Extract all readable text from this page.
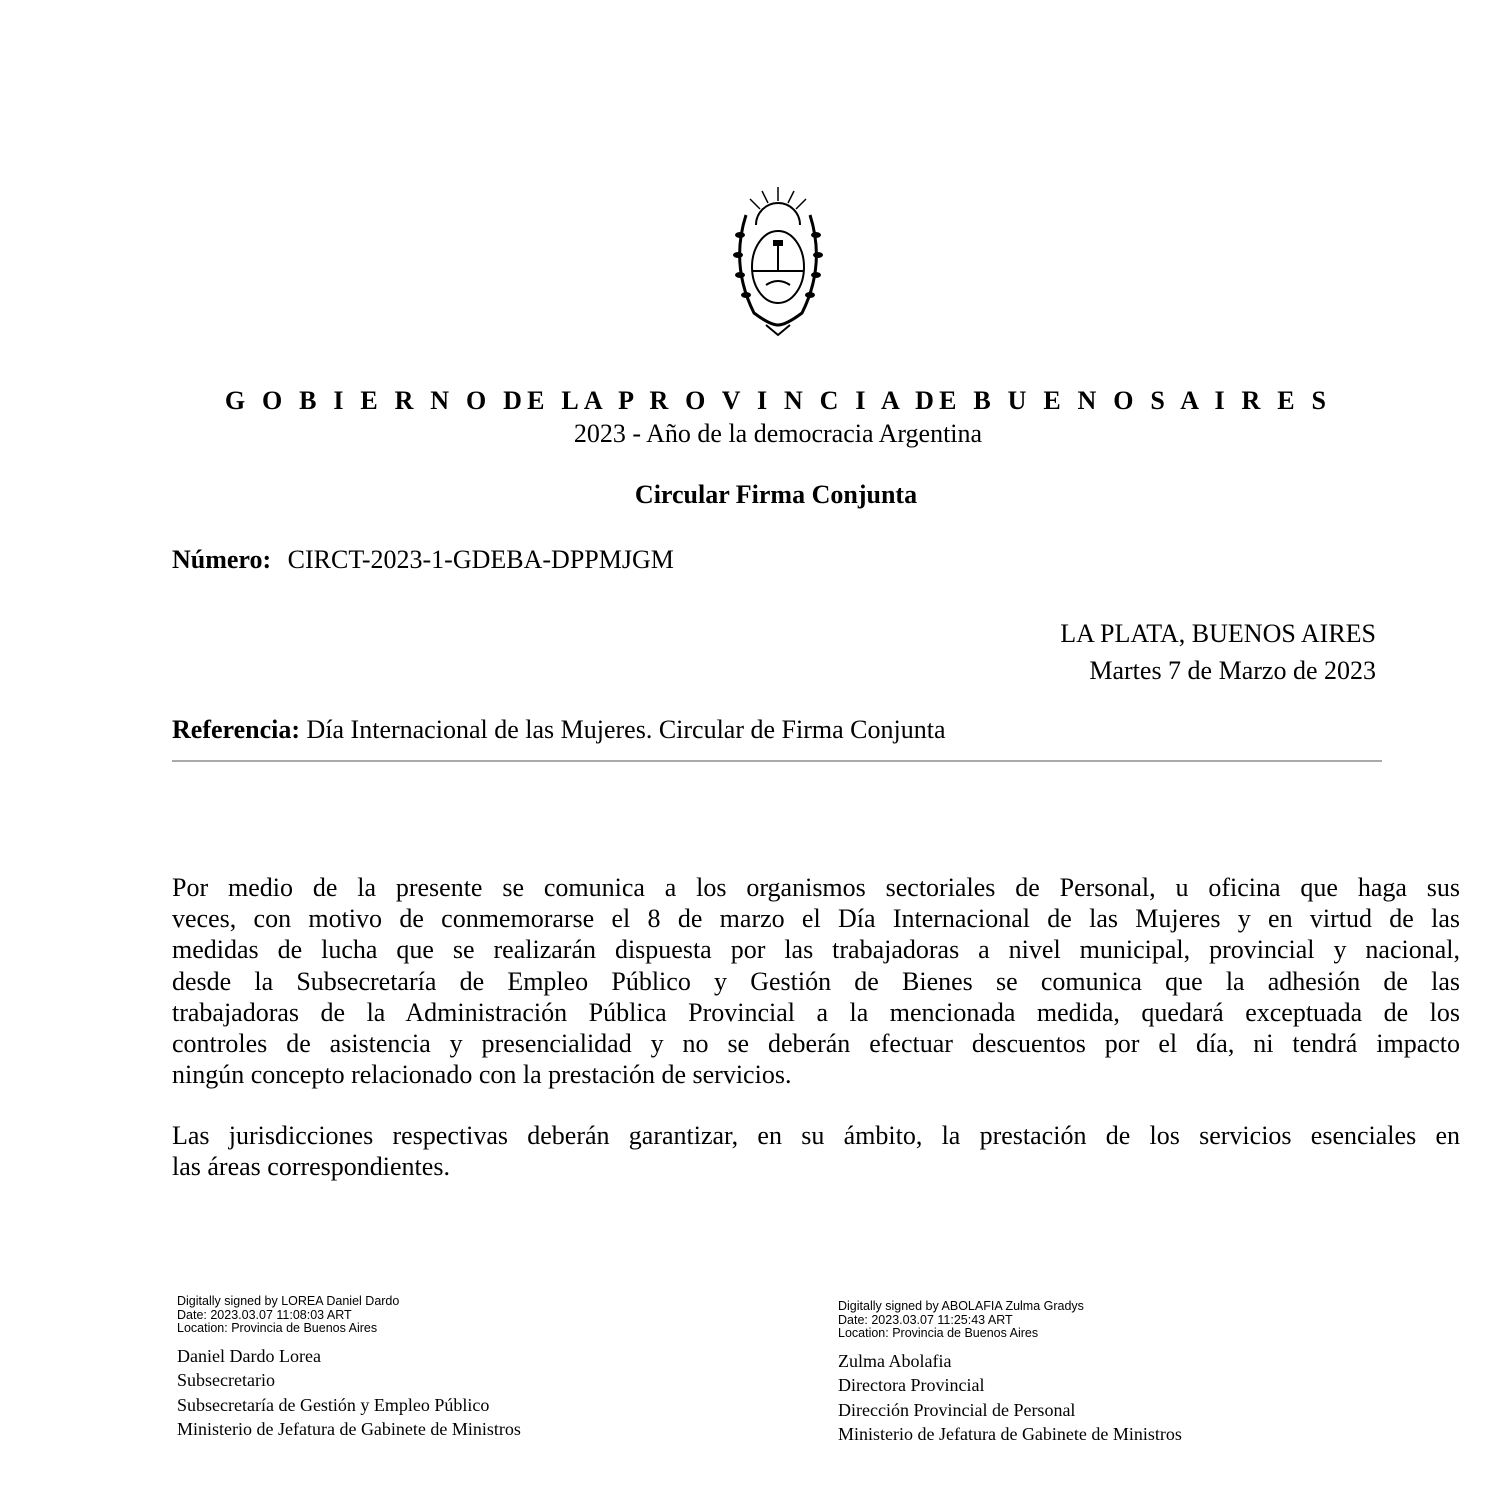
G O B I E R N O DE LA P R O V I N C I A DE B U E N O S A I R E S
2023 - Año de la democracia Argentina
Circular Firma Conjunta
Número: CIRCT-2023-1-GDEBA-DPPMJGM
LA PLATA, BUENOS AIRES
Martes 7 de Marzo de 2023
Referencia: Día Internacional de las Mujeres. Circular de Firma Conjunta
Por medio de la presente se comunica a los organismos sectoriales de Personal, u oficina que haga sus
veces, con motivo de conmemorarse el 8 de marzo el Día Internacional de las Mujeres y en virtud de las
medidas de lucha que se realizarán dispuesta por las trabajadoras a nivel municipal, provincial y nacional,
desde la Subsecretaría de Empleo Público y Gestión de Bienes se comunica que la adhesión de las
trabajadoras de la Administración Pública Provincial a la mencionada medida, quedará exceptuada de los
controles de asistencia y presencialidad y no se deberán efectuar descuentos por el día, ni tendrá impacto
ningún concepto relacionado con la prestación de servicios.
Las jurisdicciones respectivas deberán garantizar, en su ámbito, la prestación de los servicios esenciales en
las áreas correspondientes.
Digitally signed by LOREA Daniel Dardo
Date: 2023.03.07 11:08:03 ART
Location: Provincia de Buenos Aires
Daniel Dardo Lorea
Subsecretario
Subsecretaría de Gestión y Empleo Público
Ministerio de Jefatura de Gabinete de Ministros
Digitally signed by ABOLAFIA Zulma Gradys
Date: 2023.03.07 11:25:43 ART
Location: Provincia de Buenos Aires
Zulma Abolafia
Directora Provincial
Dirección Provincial de Personal
Ministerio de Jefatura de Gabinete de Ministros
